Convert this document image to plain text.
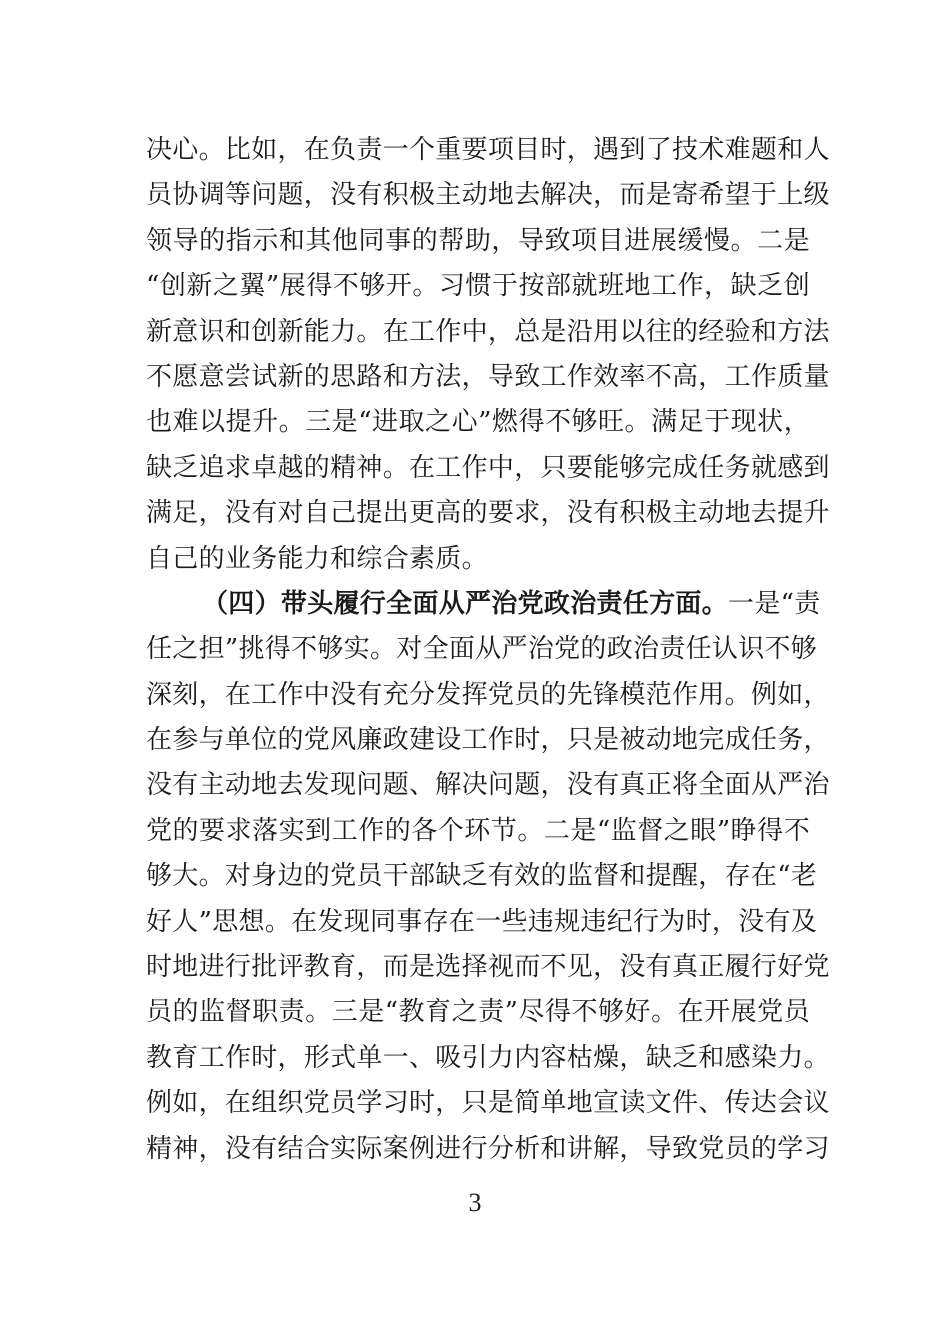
决心。比如，在负责一个重要项目时，遇到了技术难题和人
员协调等问题，没有积极主动地去解决，而是寄希望于上级
领导的指示和其他同事的帮助，导致项目进展缓慢。二是
“创新之翼”展得不够开。习惯于按部就班地工作，缺乏创
新意识和创新能力。在工作中，总是沿用以往的经验和方法
不愿意尝试新的思路和方法，导致工作效率不高，工作质量
也难以提升。三是“进取之心”燃得不够旺。满足于现状，
缺乏追求卓越的精神。在工作中，只要能够完成任务就感到
满足，没有对自己提出更高的要求，没有积极主动地去提升
自己的业务能力和综合素质。
（四）带头履行全面从严治党政治责任方面。一是“责
任之担”挑得不够实。对全面从严治党的政治责任认识不够
深刻，在工作中没有充分发挥党员的先锋模范作用。例如，
在参与单位的党风廉政建设工作时，只是被动地完成任务，
没有主动地去发现问题、解决问题，没有真正将全面从严治
党的要求落实到工作的各个环节。二是“监督之眼”睁得不
够大。对身边的党员干部缺乏有效的监督和提醒，存在“老
好人”思想。在发现同事存在一些违规违纪行为时，没有及
时地进行批评教育，而是选择视而不见，没有真正履行好党
员的监督职责。三是“教育之责”尽得不够好。在开展党员
教育工作时，形式单一、吸引力内容枯燥，缺乏和感染力。
例如，在组织党员学习时，只是简单地宣读文件、传达会议
精神，没有结合实际案例进行分析和讲解，导致党员的学习
3
